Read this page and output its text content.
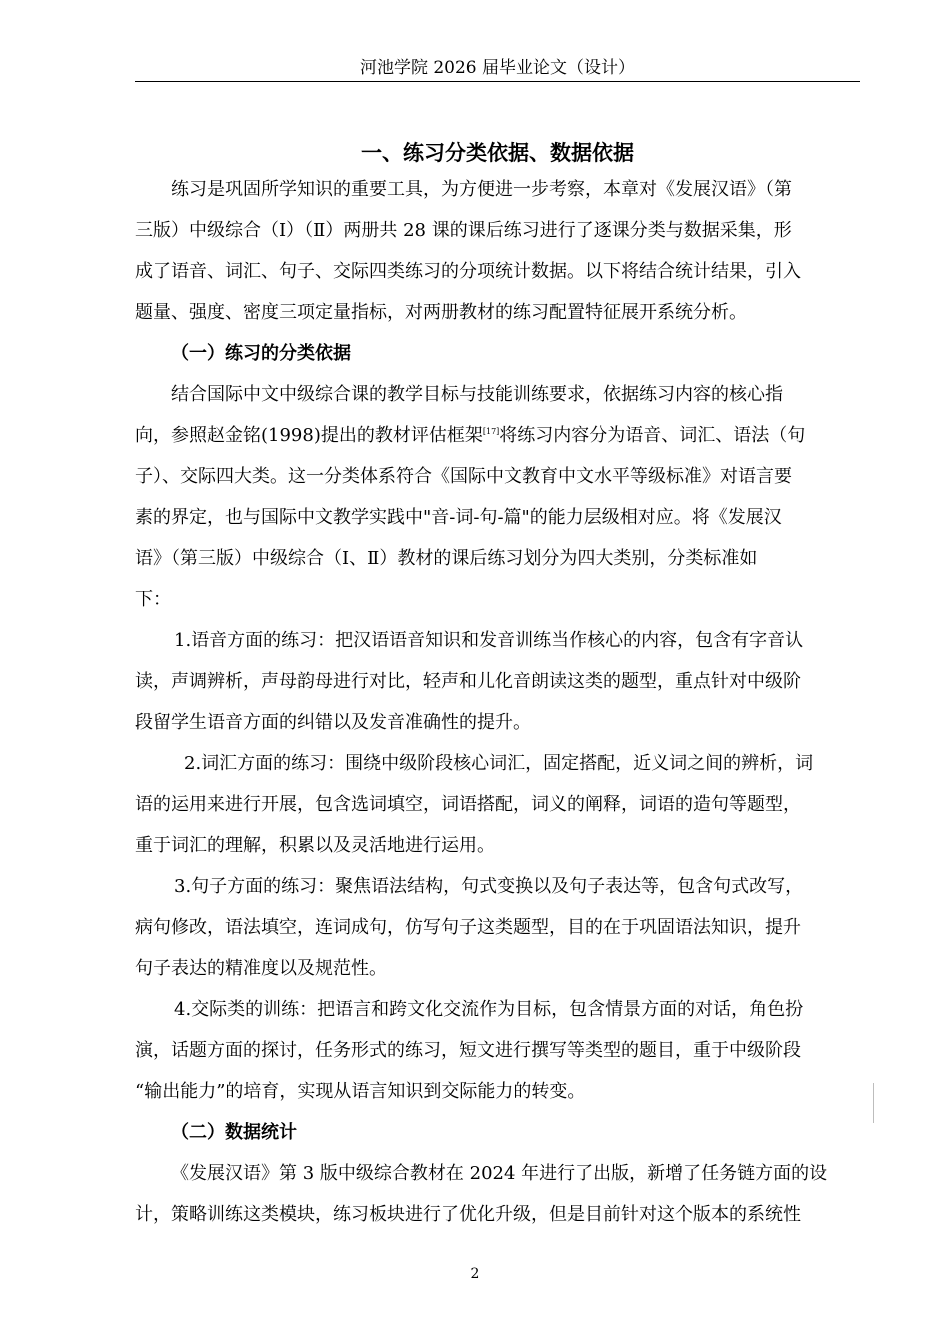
河池学院 2026 届毕业论文（设计）
一、练习分类依据、数据依据
练习是巩固所学知识的重要工具，为方便进一步考察，本章对《发展汉语》（第
三版）中级综合（Ⅰ）（Ⅱ）两册共 28 课的课后练习进行了逐课分类与数据采集，形
成了语音、词汇、句子、交际四类练习的分项统计数据。以下将结合统计结果，引入
题量、强度、密度三项定量指标，对两册教材的练习配置特征展开系统分析。
（一）练习的分类依据
结合国际中文中级综合课的教学目标与技能训练要求，依据练习内容的核心指
向，参照赵金铭(1998)提出的教材评估框架[17]将练习内容分为语音、词汇、语法（句
子）、交际四大类。这一分类体系符合《国际中文教育中文水平等级标准》对语言要
素的界定，也与国际中文教学实践中"音-词-句-篇"的能力层级相对应。将《发展汉
语》（第三版）中级综合（Ⅰ、Ⅱ）教材的课后练习划分为四大类别，分类标准如
下：
1.语音方面的练习：把汉语语音知识和发音训练当作核心的内容，包含有字音认
读，声调辨析，声母韵母进行对比，轻声和儿化音朗读这类的题型，重点针对中级阶
段留学生语音方面的纠错以及发音准确性的提升。
2.词汇方面的练习：围绕中级阶段核心词汇，固定搭配，近义词之间的辨析，词
语的运用来进行开展，包含选词填空，词语搭配，词义的阐释，词语的造句等题型，
重于词汇的理解，积累以及灵活地进行运用。
3.句子方面的练习：聚焦语法结构，句式变换以及句子表达等，包含句式改写，
病句修改，语法填空，连词成句，仿写句子这类题型，目的在于巩固语法知识，提升
句子表达的精准度以及规范性。
4.交际类的训练：把语言和跨文化交流作为目标，包含情景方面的对话，角色扮
演，话题方面的探讨，任务形式的练习，短文进行撰写等类型的题目，重于中级阶段
“输出能力”的培育，实现从语言知识到交际能力的转变。
（二）数据统计
《发展汉语》第 3 版中级综合教材在 2024 年进行了出版，新增了任务链方面的设
计，策略训练这类模块，练习板块进行了优化升级，但是目前针对这个版本的系统性
2
